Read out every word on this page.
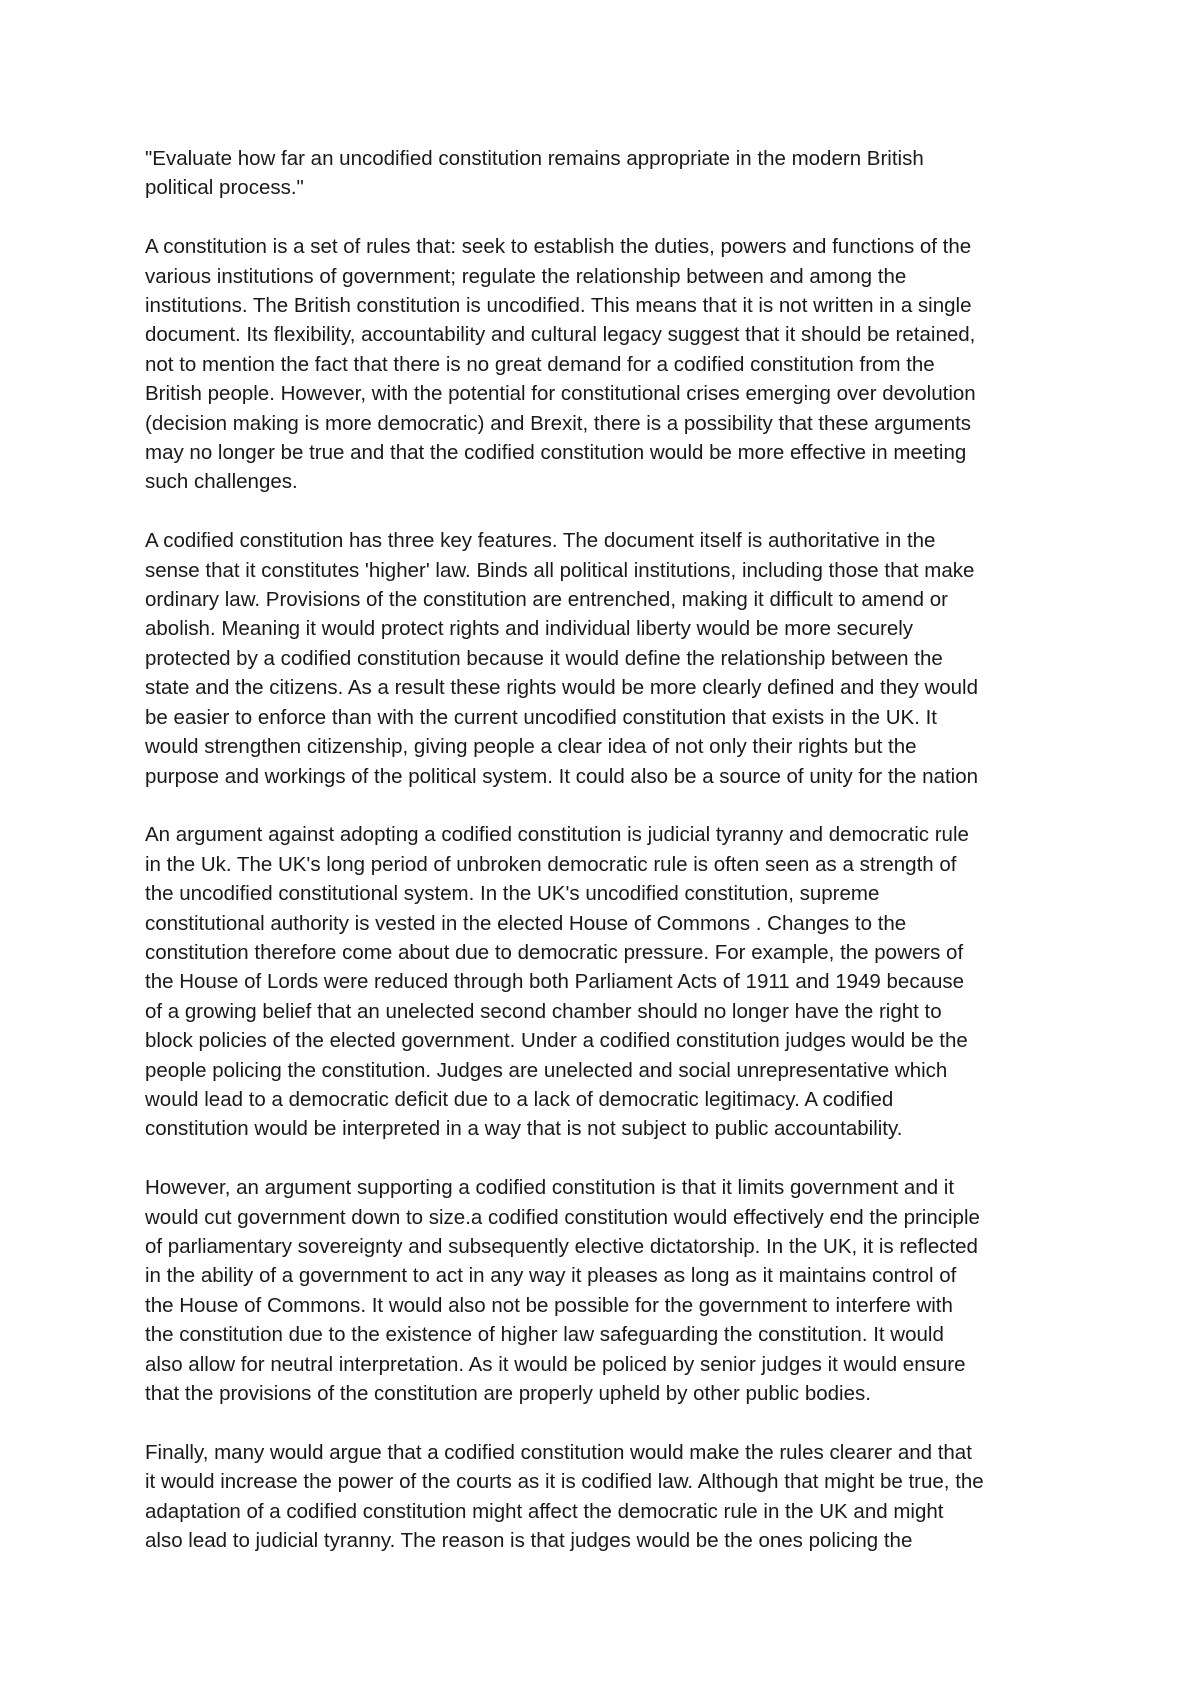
"Evaluate how far an uncodified constitution remains appropriate in the modern British
political process."

A constitution is a set of rules that: seek to establish the duties, powers and functions of the
various institutions of government; regulate the relationship between and among the
institutions. The British constitution is uncodified. This means that it is not written in a single
document. Its flexibility, accountability and cultural legacy suggest that it should be retained,
not to mention the fact that there is no great demand for a codified constitution from the
British people. However, with the potential for constitutional crises emerging over devolution
(decision making is more democratic) and Brexit, there is a possibility that these arguments
may no longer be true and that the codified constitution would be more effective in meeting
such challenges.

A codified constitution has three key features. The document itself is authoritative in the
sense that it constitutes 'higher' law. Binds all political institutions, including those that make
ordinary law. Provisions of the constitution are entrenched, making it difficult to amend or
abolish. Meaning it would protect rights and individual liberty would be more securely
protected by a codified constitution because it would define the relationship between the
state and the citizens. As a result these rights would be more clearly defined and they would
be easier to enforce than with the current uncodified constitution that exists in the UK. It
would strengthen citizenship, giving people a clear idea of not only their rights but the
purpose and workings of the political system. It could also be a source of unity for the nation

An argument against adopting a codified constitution is judicial tyranny and democratic rule
in the Uk. The UK's long period of unbroken democratic rule is often seen as a strength of
the uncodified constitutional system. In the UK's uncodified constitution, supreme
constitutional authority is vested in the elected House of Commons . Changes to the
constitution therefore come about due to democratic pressure. For example, the powers of
the House of Lords were reduced through both Parliament Acts of 1911 and 1949 because
of a growing belief that an unelected second chamber should no longer have the right to
block policies of the elected government. Under a codified constitution judges would be the
people policing the constitution. Judges are unelected and social unrepresentative which
would lead to a democratic deficit due to a lack of democratic legitimacy. A codified
constitution would be interpreted in a way that is not subject to public accountability.

However, an argument supporting a codified constitution is that it limits government and it
would cut government down to size.a codified constitution would effectively end the principle
of parliamentary sovereignty and subsequently elective dictatorship. In the UK, it is reflected
in the ability of a government to act in any way it pleases as long as it maintains control of
the House of Commons. It would also not be possible for the government to interfere with
the constitution due to the existence of higher law safeguarding the constitution. It would
also allow for neutral interpretation. As it would be policed by senior judges it would ensure
that the provisions of the constitution are properly upheld by other public bodies.

Finally, many would argue that a codified constitution would make the rules clearer and that
it would increase the power of the courts as it is codified law. Although that might be true, the
adaptation of a codified constitution might affect the democratic rule in the UK and might
also lead to judicial tyranny. The reason is that judges would be the ones policing the
